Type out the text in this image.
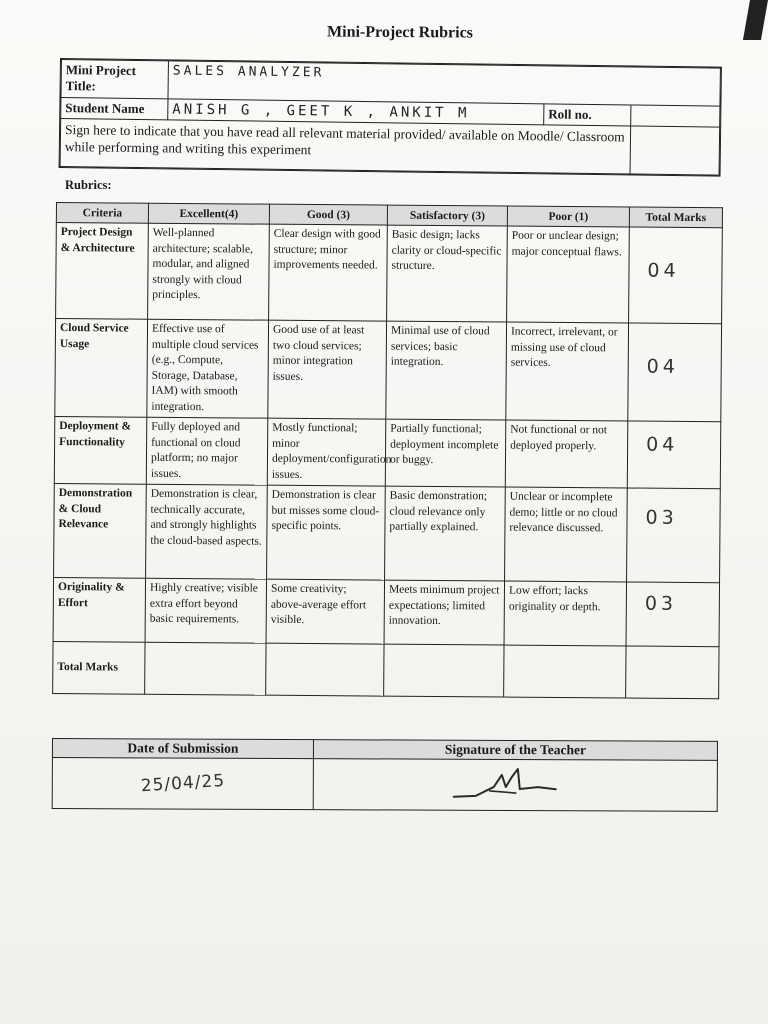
Mini-Project Rubrics
Mini Project Title:	SALES ANALYZER		
Student Name	ANISH G , GEET K , ANKIT M	Roll no.	
Sign here to indicate that you have read all relevant material provided/ available on Moodle/ Classroom while performing and writing this experiment			
Rubrics:
Criteria	Excellent(4)	Good (3)	Satisfactory (3)	Poor (1)	Total Marks
Project Design & Architecture	Well-planned architecture; scalable, modular, and aligned strongly with cloud principles.	Clear design with good structure; minor improvements needed.	Basic design; lacks clarity or cloud-specific structure.	Poor or unclear design; major conceptual flaws.	04
Cloud Service Usage	Effective use of multiple cloud services (e.g., Compute, Storage, Database, IAM) with smooth integration.	Good use of at least two cloud services; minor integration issues.	Minimal use of cloud services; basic integration.	Incorrect, irrelevant, or missing use of cloud services.	04
Deployment & Functionality	Fully deployed and functional on cloud platform; no major issues.	Mostly functional; minor deployment/configuration issues.	Partially functional; deployment incomplete or buggy.	Not functional or not deployed properly.	04
Demonstration & Cloud Relevance	Demonstration is clear, technically accurate, and strongly highlights the cloud-based aspects.	Demonstration is clear but misses some cloud-specific points.	Basic demonstration; cloud relevance only partially explained.	Unclear or incomplete demo; little or no cloud relevance discussed.	03
Originality & Effort	Highly creative; visible extra effort beyond basic requirements.	Some creativity; above-average effort visible.	Meets minimum project expectations; limited innovation.	Low effort; lacks originality or depth.	03
Total Marks					
Date of Submission	Signature of the Teacher
25/04/25	
